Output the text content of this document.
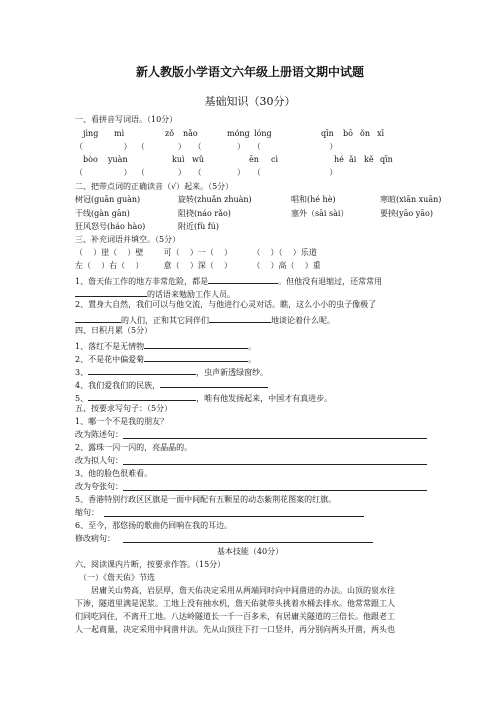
新人教版小学语文六年级上册语文期中试题
基础知识（30分）
一、看拼音写词语。（10分）
jìng mì	zǒ nǎo	móng lóng	qīn bō ǒn xī
（                ）  （             ）   （              ）   （                           ）
bòo yuàn	kuì wǔ	ēn cì	hé ǎi kě qīn
（                ）  （             ）   （              ）   （                           ）
二、把带点词的正确读音（√）起来。（5分）
树冠(guān guàn)	旋转(zhuǎn zhuàn)	唱和(hé hè)	寒暄(xiān xuān)
干线(gàn gān)	阻挠(náo rǎo)	塞外（sāi sài）	要挟(yāo yāo)
狂风怒号(háo hào)	附近(fù fú)
三、补充词语并填空。（5分）
（    ）崖（    ）壁        可（    ）一（    ）        （    ）（    ）乐道
左（    ）右（    ）        意（    ）深（    ）        （    ）高（    ）重
1、詹天佑工作的地方非常危险，都是	。但他没有退缩过，还常常用
的话语来勉励工作人员。
2、置身大自然，我们可以与他交流，与他进行心灵对话。瞧，这么小小的虫子像极了
的人们，正和其它同伴们	地谈论着什么呢。
四、日积月累（5分）
1、落红不是无情物	。
2、不是花中偏爱菊	。
3、	，虫声新透绿窗纱。
4、我们爱我们的民族，
5、	，唯有他发扬起来，中国才有真进步。
五、按要求写句子：（5分）
1、哪一个不是我的朋友？
改为陈述句：
2、露珠一闪一闪的，亮晶晶的。
改为拟人句：
3、他的脸色很难看。
改为夸张句：
5、香港特别行政区区旗是一面中间配有五颗星的动态紫荆花图案的红旗。
缩句：
6、至今，那悠扬的歌曲仍回响在我的耳边。
修改病句：
基本技能（40分）
六、阅读课内片断，按要求作答。（15分）
（一）《詹天佑》节选
居庸关山势高，岩层厚，詹天佑决定采用从两端同时向中间凿进的办法。山顶的泉水往
下渗，隧道里满是泥浆。工地上没有抽水机，詹天佑就带头挑着水桶去排水。他常常跟工人
们同吃同住，不离开工地。八达岭隧道长一千一百多米，有居庸关隧道的三倍长。他跟老工
人一起商量，决定采用中间凿井法。先从山顶往下打一口竖井，再分别向两头开凿，两头也
